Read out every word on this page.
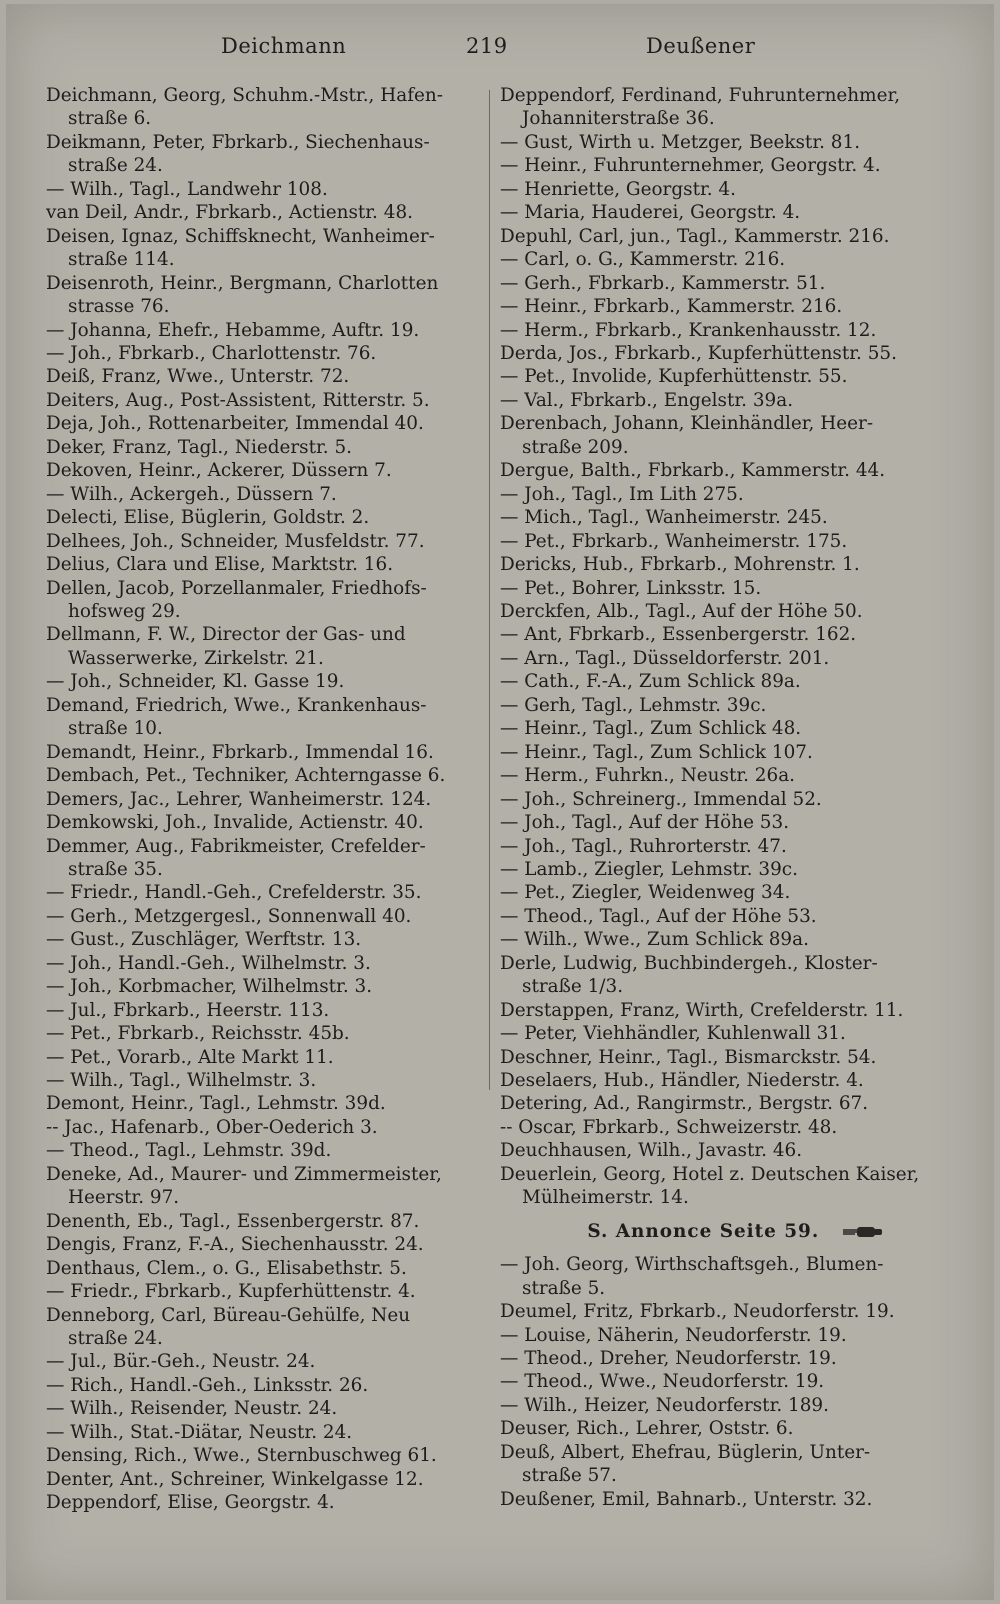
Deichmann	219	Deußener
Deichmann, Georg, Schuhm.-Mstr., Hafen-
straße 6.
Deikmann, Peter, Fbrkarb., Siechenhaus-
straße 24.
— Wilh., Tagl., Landwehr 108.
van Deil, Andr., Fbrkarb., Actienstr. 48.
Deisen, Ignaz, Schiffsknecht, Wanheimer-
straße 114.
Deisenroth, Heinr., Bergmann, Charlotten
strasse 76.
— Johanna, Ehefr., Hebamme, Auftr. 19.
— Joh., Fbrkarb., Charlottenstr. 76.
Deiß, Franz, Wwe., Unterstr. 72.
Deiters, Aug., Post-Assistent, Ritterstr. 5.
Deja, Joh., Rottenarbeiter, Immendal 40.
Deker, Franz, Tagl., Niederstr. 5.
Dekoven, Heinr., Ackerer, Düssern 7.
— Wilh., Ackergeh., Düssern 7.
Delecti, Elise, Büglerin, Goldstr. 2.
Delhees, Joh., Schneider, Musfeldstr. 77.
Delius, Clara und Elise, Marktstr. 16.
Dellen, Jacob, Porzellanmaler, Friedhofs-
hofsweg 29.
Dellmann, F. W., Director der Gas- und
Wasserwerke, Zirkelstr. 21.
— Joh., Schneider, Kl. Gasse 19.
Demand, Friedrich, Wwe., Krankenhaus-
straße 10.
Demandt, Heinr., Fbrkarb., Immendal 16.
Dembach, Pet., Techniker, Achterngasse 6.
Demers, Jac., Lehrer, Wanheimerstr. 124.
Demkowski, Joh., Invalide, Actienstr. 40.
Demmer, Aug., Fabrikmeister, Crefelder-
straße 35.
— Friedr., Handl.-Geh., Crefelderstr. 35.
— Gerh., Metzgergesl., Sonnenwall 40.
— Gust., Zuschläger, Werftstr. 13.
— Joh., Handl.-Geh., Wilhelmstr. 3.
— Joh., Korbmacher, Wilhelmstr. 3.
— Jul., Fbrkarb., Heerstr. 113.
— Pet., Fbrkarb., Reichsstr. 45b.
— Pet., Vorarb., Alte Markt 11.
— Wilh., Tagl., Wilhelmstr. 3.
Demont, Heinr., Tagl., Lehmstr. 39d.
-- Jac., Hafenarb., Ober-Oederich 3.
— Theod., Tagl., Lehmstr. 39d.
Deneke, Ad., Maurer- und Zimmermeister,
Heerstr. 97.
Denenth, Eb., Tagl., Essenbergerstr. 87.
Dengis, Franz, F.-A., Siechenhausstr. 24.
Denthaus, Clem., o. G., Elisabethstr. 5.
— Friedr., Fbrkarb., Kupferhüttenstr. 4.
Denneborg, Carl, Büreau-Gehülfe, Neu
straße 24.
— Jul., Bür.-Geh., Neustr. 24.
— Rich., Handl.-Geh., Linksstr. 26.
— Wilh., Reisender, Neustr. 24.
— Wilh., Stat.-Diätar, Neustr. 24.
Densing, Rich., Wwe., Sternbuschweg 61.
Denter, Ant., Schreiner, Winkelgasse 12.
Deppendorf, Elise, Georgstr. 4.
Deppendorf, Ferdinand, Fuhrunternehmer,
Johanniterstraße 36.
— Gust, Wirth u. Metzger, Beekstr. 81.
— Heinr., Fuhrunternehmer, Georgstr. 4.
— Henriette, Georgstr. 4.
— Maria, Hauderei, Georgstr. 4.
Depuhl, Carl, jun., Tagl., Kammerstr. 216.
— Carl, o. G., Kammerstr. 216.
— Gerh., Fbrkarb., Kammerstr. 51.
— Heinr., Fbrkarb., Kammerstr. 216.
— Herm., Fbrkarb., Krankenhausstr. 12.
Derda, Jos., Fbrkarb., Kupferhüttenstr. 55.
— Pet., Involide, Kupferhüttenstr. 55.
— Val., Fbrkarb., Engelstr. 39a.
Derenbach, Johann, Kleinhändler, Heer-
straße 209.
Dergue, Balth., Fbrkarb., Kammerstr. 44.
— Joh., Tagl., Im Lith 275.
— Mich., Tagl., Wanheimerstr. 245.
— Pet., Fbrkarb., Wanheimerstr. 175.
Dericks, Hub., Fbrkarb., Mohrenstr. 1.
— Pet., Bohrer, Linksstr. 15.
Derckfen, Alb., Tagl., Auf der Höhe 50.
— Ant, Fbrkarb., Essenbergerstr. 162.
— Arn., Tagl., Düsseldorferstr. 201.
— Cath., F.-A., Zum Schlick 89a.
— Gerh, Tagl., Lehmstr. 39c.
— Heinr., Tagl., Zum Schlick 48.
— Heinr., Tagl., Zum Schlick 107.
— Herm., Fuhrkn., Neustr. 26a.
— Joh., Schreinerg., Immendal 52.
— Joh., Tagl., Auf der Höhe 53.
— Joh., Tagl., Ruhrorterstr. 47.
— Lamb., Ziegler, Lehmstr. 39c.
— Pet., Ziegler, Weidenweg 34.
— Theod., Tagl., Auf der Höhe 53.
— Wilh., Wwe., Zum Schlick 89a.
Derle, Ludwig, Buchbindergeh., Kloster-
straße 1/3.
Derstappen, Franz, Wirth, Crefelderstr. 11.
— Peter, Viehhändler, Kuhlenwall 31.
Deschner, Heinr., Tagl., Bismarckstr. 54.
Deselaers, Hub., Händler, Niederstr. 4.
Detering, Ad., Rangirmstr., Bergstr. 67.
-- Oscar, Fbrkarb., Schweizerstr. 48.
Deuchhausen, Wilh., Javastr. 46.
Deuerlein, Georg, Hotel z. Deutschen Kaiser,
Mülheimerstr. 14.
S. Annonce Seite 59.
— Joh. Georg, Wirthschaftsgeh., Blumen-
straße 5.
Deumel, Fritz, Fbrkarb., Neudorferstr. 19.
— Louise, Näherin, Neudorferstr. 19.
— Theod., Dreher, Neudorferstr. 19.
— Theod., Wwe., Neudorferstr. 19.
— Wilh., Heizer, Neudorferstr. 189.
Deuser, Rich., Lehrer, Oststr. 6.
Deuß, Albert, Ehefrau, Büglerin, Unter-
straße 57.
Deußener, Emil, Bahnarb., Unterstr. 32.
